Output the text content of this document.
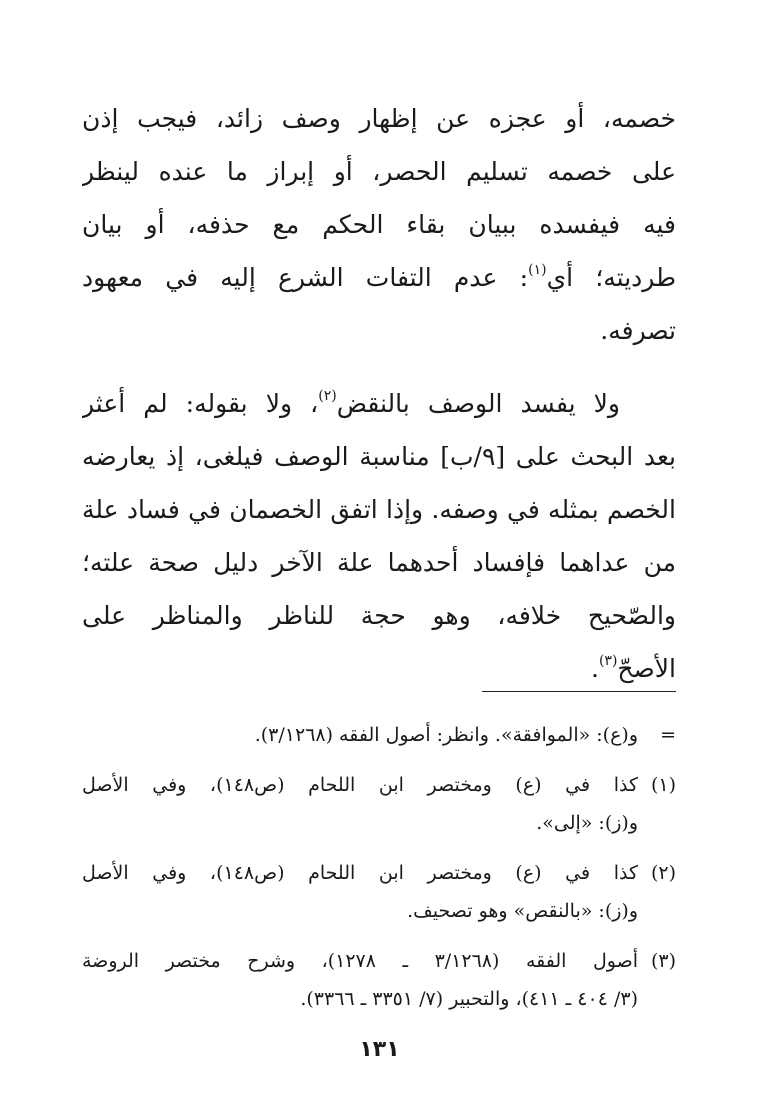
خصمه، أو عجزه عن إظهار وصف زائد، فيجب إذن
على خصمه تسليم الحصر، أو إبراز ما عنده لينظر
فيه فيفسده ببيان بقاء الحكم مع حذفه، أو بيان
طرديته؛ أي$^{(١)}$: عدم التفات الشرع إليه في معهود
تصرفه.
ولا يفسد الوصف بالنقض$^{(٢)}$، ولا بقوله: لم أعثر
بعد البحث على [٩/ب] مناسبة الوصف فيلغى، إذ يعارضه
الخصم بمثله في وصفه. وإذا اتفق الخصمان في فساد علة
من عداهما فإفساد أحدهما علة الآخر دليل صحة علته؛
والصّحيح خلافه، وهو حجة للناظر والمناظر على
الأصحّ$^{(٣)}$.
=
و(ع): «الموافقة». وانظر: أصول الفقه (٣/١٢٦٨).
(١)
كذا في (ع) ومختصر ابن اللحام (ص١٤٨)، وفي الأصل
و(ز): «إلى».
(٢)
كذا في (ع) ومختصر ابن اللحام (ص١٤٨)، وفي الأصل
و(ز): «بالنقص» وهو تصحيف.
(٣)
أصول الفقه (٣/١٢٦٨ ـ ١٢٧٨)، وشرح مختصر الروضة
(٣/ ٤٠٤ ـ ٤١١)، والتحبير (٧/ ٣٣٥١ ـ ٣٣٦٦).
١٣١
